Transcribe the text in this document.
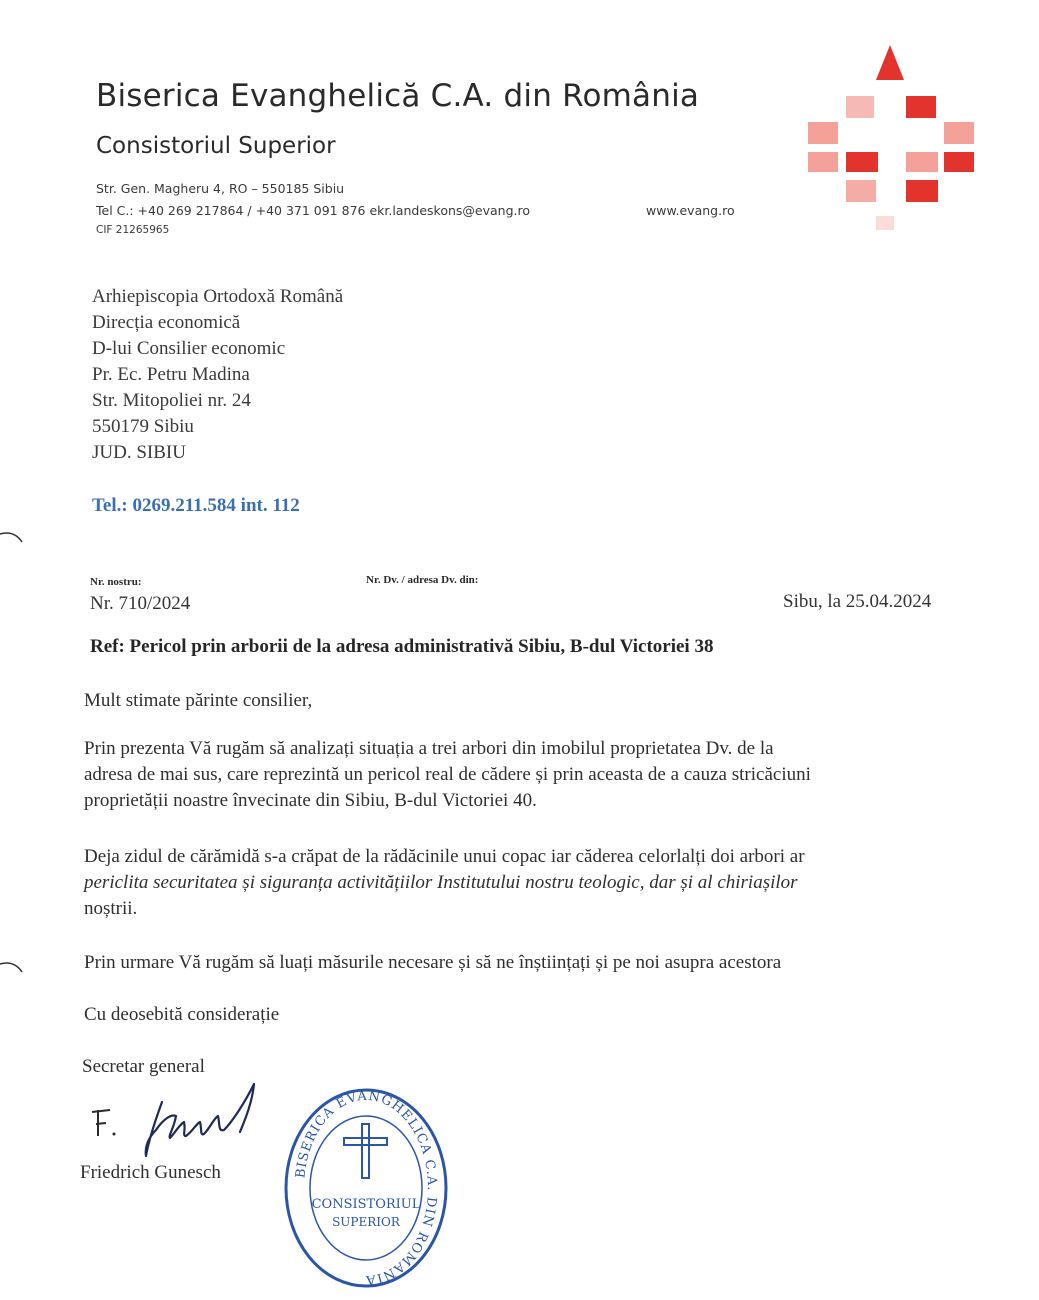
Biserica Evanghelică C.A. din România
Consistoriul Superior
Str. Gen. Magheru 4, RO – 550185 Sibiu
Tel C.: +40 269 217864 / +40 371 091 876 ekr.landeskons@evang.ro	www.evang.ro
CIF 21265965
Arhiepiscopia Ortodoxă Română
Direcția economică
D-lui Consilier economic
Pr. Ec. Petru Madina
Str. Mitopoliei nr. 24
550179 Sibiu
JUD. SIBIU
Tel.: 0269.211.584 int. 112
Nr. nostru:	Nr. Dv. / adresa Dv. din:
Nr. 710/2024	Sibu, la 25.04.2024
Ref: Pericol prin arborii de la adresa administrativă Sibiu, B-dul Victoriei 38
Mult stimate părinte consilier,
Prin prezenta Vă rugăm să analizați situația a trei arbori din imobilul proprietatea Dv. de la
adresa de mai sus, care reprezintă un pericol real de cădere și prin aceasta de a cauza stricăciuni
proprietății noastre învecinate din Sibiu, B-dul Victoriei 40.
Deja zidul de cărămidă s-a crăpat de la rădăcinile unui copac iar căderea celorlalți doi arbori ar
periclita securitatea și siguranța activitățiilor Institutului nostru teologic, dar și al chiriașilor
noștrii.
Prin urmare Vă rugăm să luați măsurile necesare și să ne înștiințați și pe noi asupra acestora
Cu deosebită considerație
Secretar general
Friedrich Gunesch	BISERICA EVANGHELICA C.A. DIN ROMANIA
CONSISTORIUL
SUPERIOR
